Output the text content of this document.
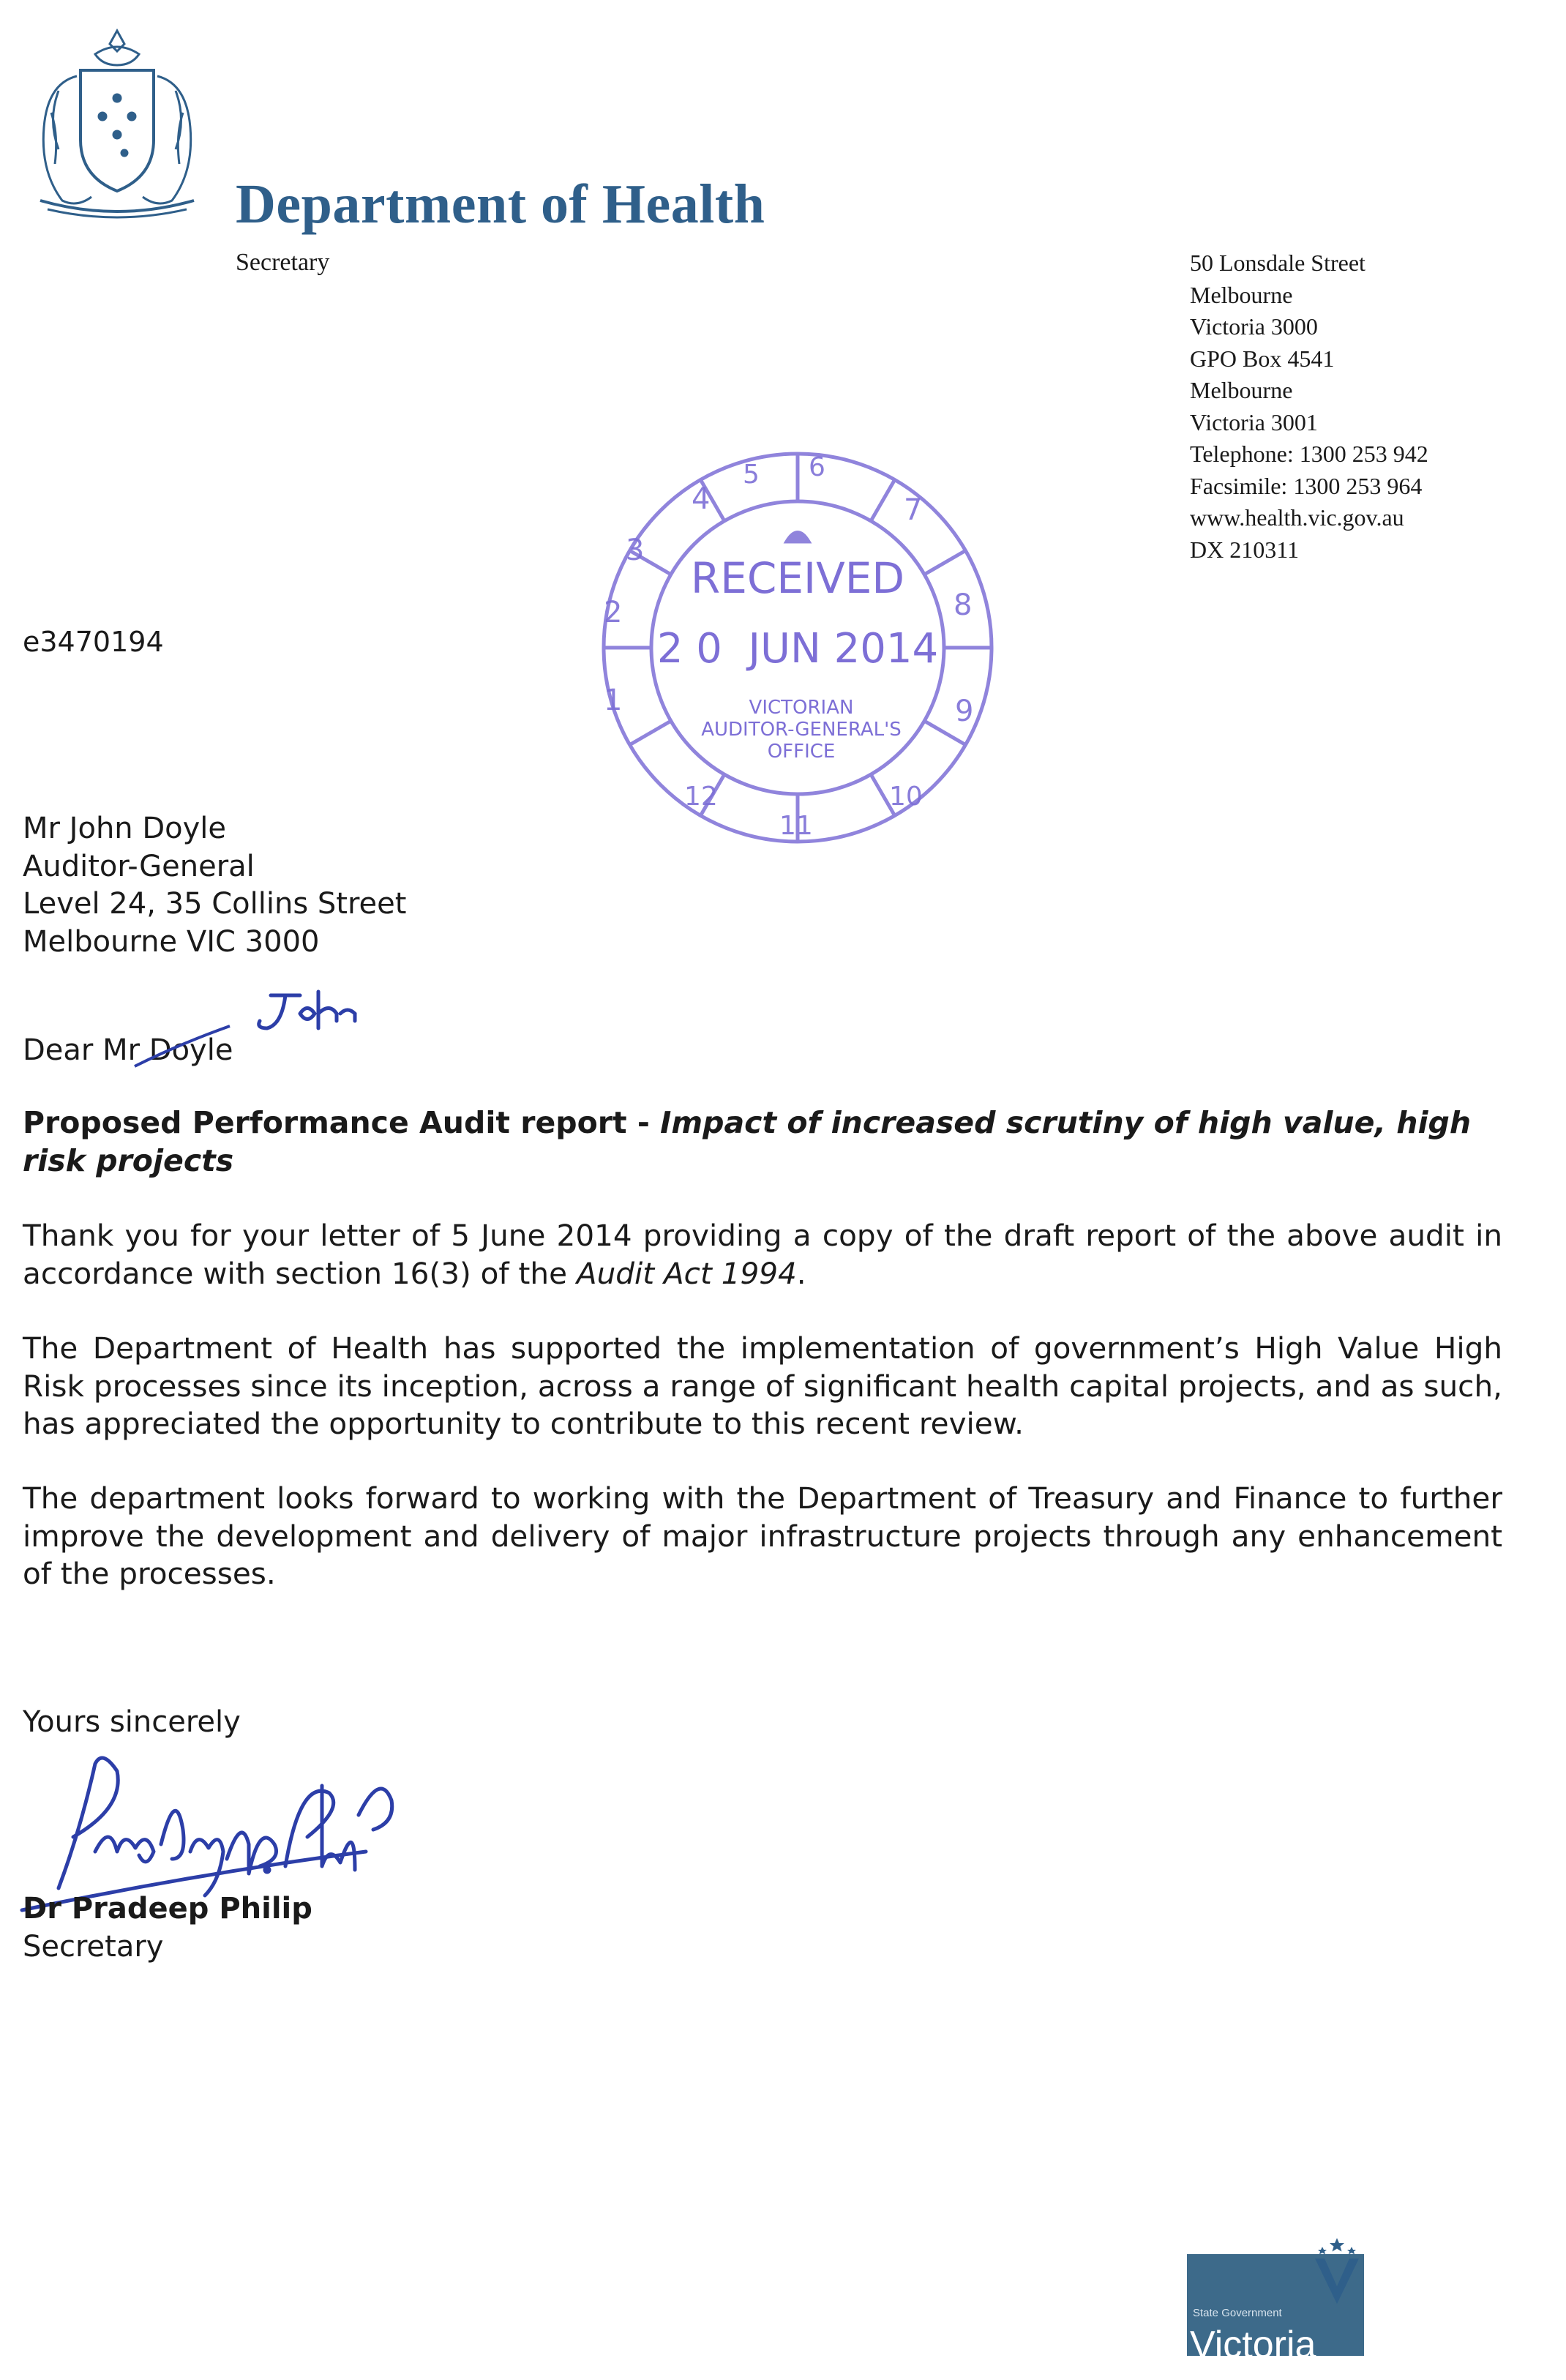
Department of Health
Secretary	50 Lonsdale Street
Melbourne
Victoria 3000
GPO Box 4541
Melbourne
Victoria 3001
Telephone: 1300 253 942
Facsimile: 1300 253 964
www.health.vic.gov.au
DX 210311
7
8
9
10
11
12
1
2
3
4
5 6
RECEIVED
2 0  JUN 2014
VICTORIAN
AUDITOR-GENERAL'S
OFFICE
e3470194
Mr John Doyle
Auditor-General
Level 24, 35 Collins Street
Melbourne VIC 3000
Dear Mr Doyle
Proposed Performance Audit report - Impact of increased scrutiny of high value, high risk projects
Thank you for your letter of 5 June 2014 providing a copy of the draft report of the above audit in accordance with section 16(3) of the Audit Act 1994.
The Department of Health has supported the implementation of government’s High Value High Risk processes since its inception, across a range of significant health capital projects, and as such, has appreciated the opportunity to contribute to this recent review.
The department looks forward to working with the Department of Treasury and Finance to further improve the development and delivery of major infrastructure projects through any enhancement of the processes.
Yours sincerely
Dr Pradeep Philip
Secretary
State Government
Victoria
